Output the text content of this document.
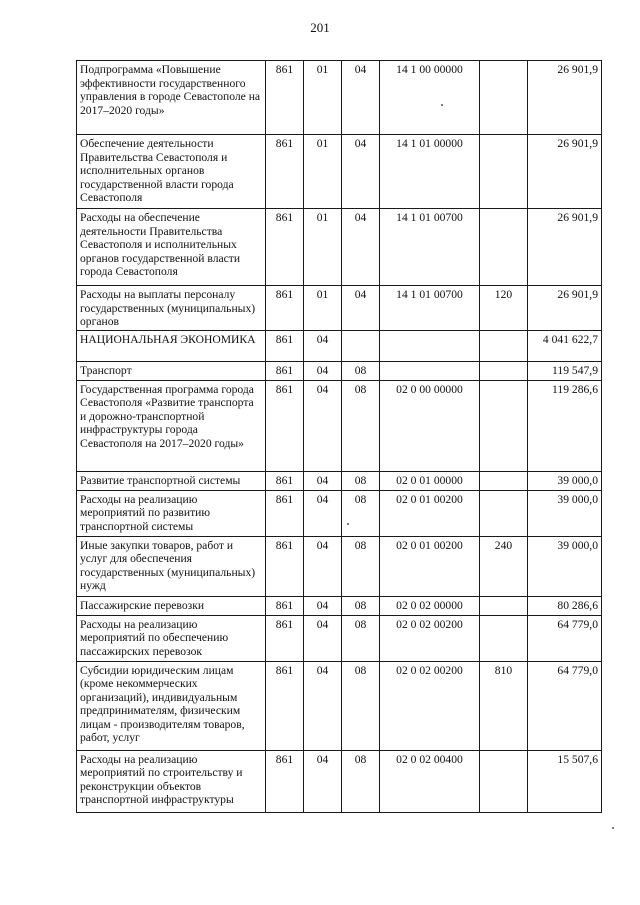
201
Подпрограмма «Повышение эффективности государственного управления в городе Севастополе на 2017–2020 годы»	861	01	04	14 1 00 00000		26 901,9
Обеспечение деятельности Правительства Севастополя и исполнительных органов государственной власти города Севастополя	861	01	04	14 1 01 00000		26 901,9
Расходы на обеспечение деятельности Правительства Севастополя и исполнительных органов государственной власти города Севастополя	861	01	04	14 1 01 00700		26 901,9
Расходы на выплаты персоналу государственных (муниципальных) органов	861	01	04	14 1 01 00700	120	26 901,9
НАЦИОНАЛЬНАЯ ЭКОНОМИКА	861	04				4 041 622,7
Транспорт	861	04	08			119 547,9
Государственная программа города Севастополя «Развитие транспорта и дорожно-транспортной инфраструктуры города Севастополя на 2017–2020 годы»	861	04	08	02 0 00 00000		119 286,6
Развитие транспортной системы	861	04	08	02 0 01 00000		39 000,0
Расходы на реализацию мероприятий по развитию транспортной системы	861	04	08	02 0 01 00200		39 000,0
Иные закупки товаров, работ и услуг для обеспечения государственных (муниципальных) нужд	861	04	08	02 0 01 00200	240	39 000,0
Пассажирские перевозки	861	04	08	02 0 02 00000		80 286,6
Расходы на реализацию мероприятий по обеспечению пассажирских перевозок	861	04	08	02 0 02 00200		64 779,0
Субсидии юридическим лицам (кроме некоммерческих организаций), индивидуальным предпринимателям, физическим лицам - производителям товаров, работ, услуг	861	04	08	02 0 02 00200	810	64 779,0
Расходы на реализацию мероприятий по строительству и реконструкции объектов транспортной инфраструктуры	861	04	08	02 0 02 00400		15 507,6
